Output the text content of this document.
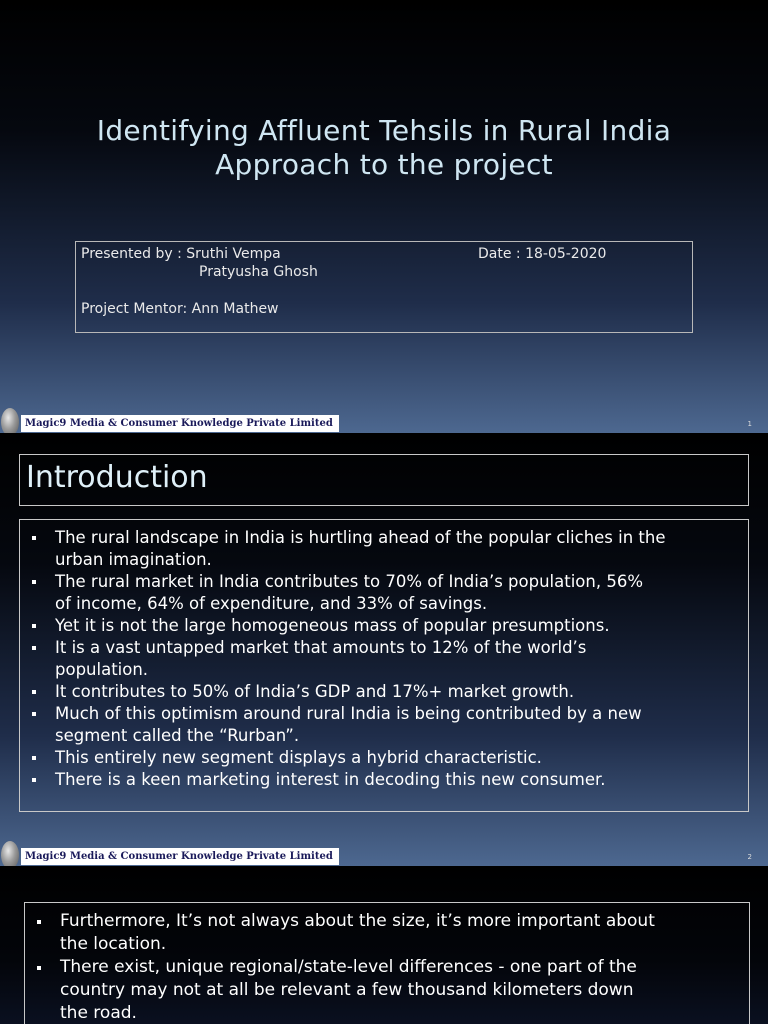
Identifying Affluent Tehsils in Rural India
Approach to the project
Presented by : Sruthi Vempa
Pratyusha Ghosh
Date : 18-05-2020
Project Mentor: Ann Mathew
Magic9 Media & Consumer Knowledge Private Limited	1
Introduction
The rural landscape in India is hurtling ahead of the popular cliches in the
urban imagination.
The rural market in India contributes to 70% of India’s population, 56%
of income, 64% of expenditure, and 33% of savings.
Yet it is not the large homogeneous mass of popular presumptions.
It is a vast untapped market that amounts to 12% of the world’s
population.
It contributes to 50% of India’s GDP and 17%+ market growth.
Much of this optimism around rural India is being contributed by a new
segment called the “Rurban”.
This entirely new segment displays a hybrid characteristic.
There is a keen marketing interest in decoding this new consumer.
Magic9 Media & Consumer Knowledge Private Limited	2
Furthermore, It’s not always about the size, it’s more important about
the location.
There exist, unique regional/state-level differences - one part of the
country may not at all be relevant a few thousand kilometers down
the road.
